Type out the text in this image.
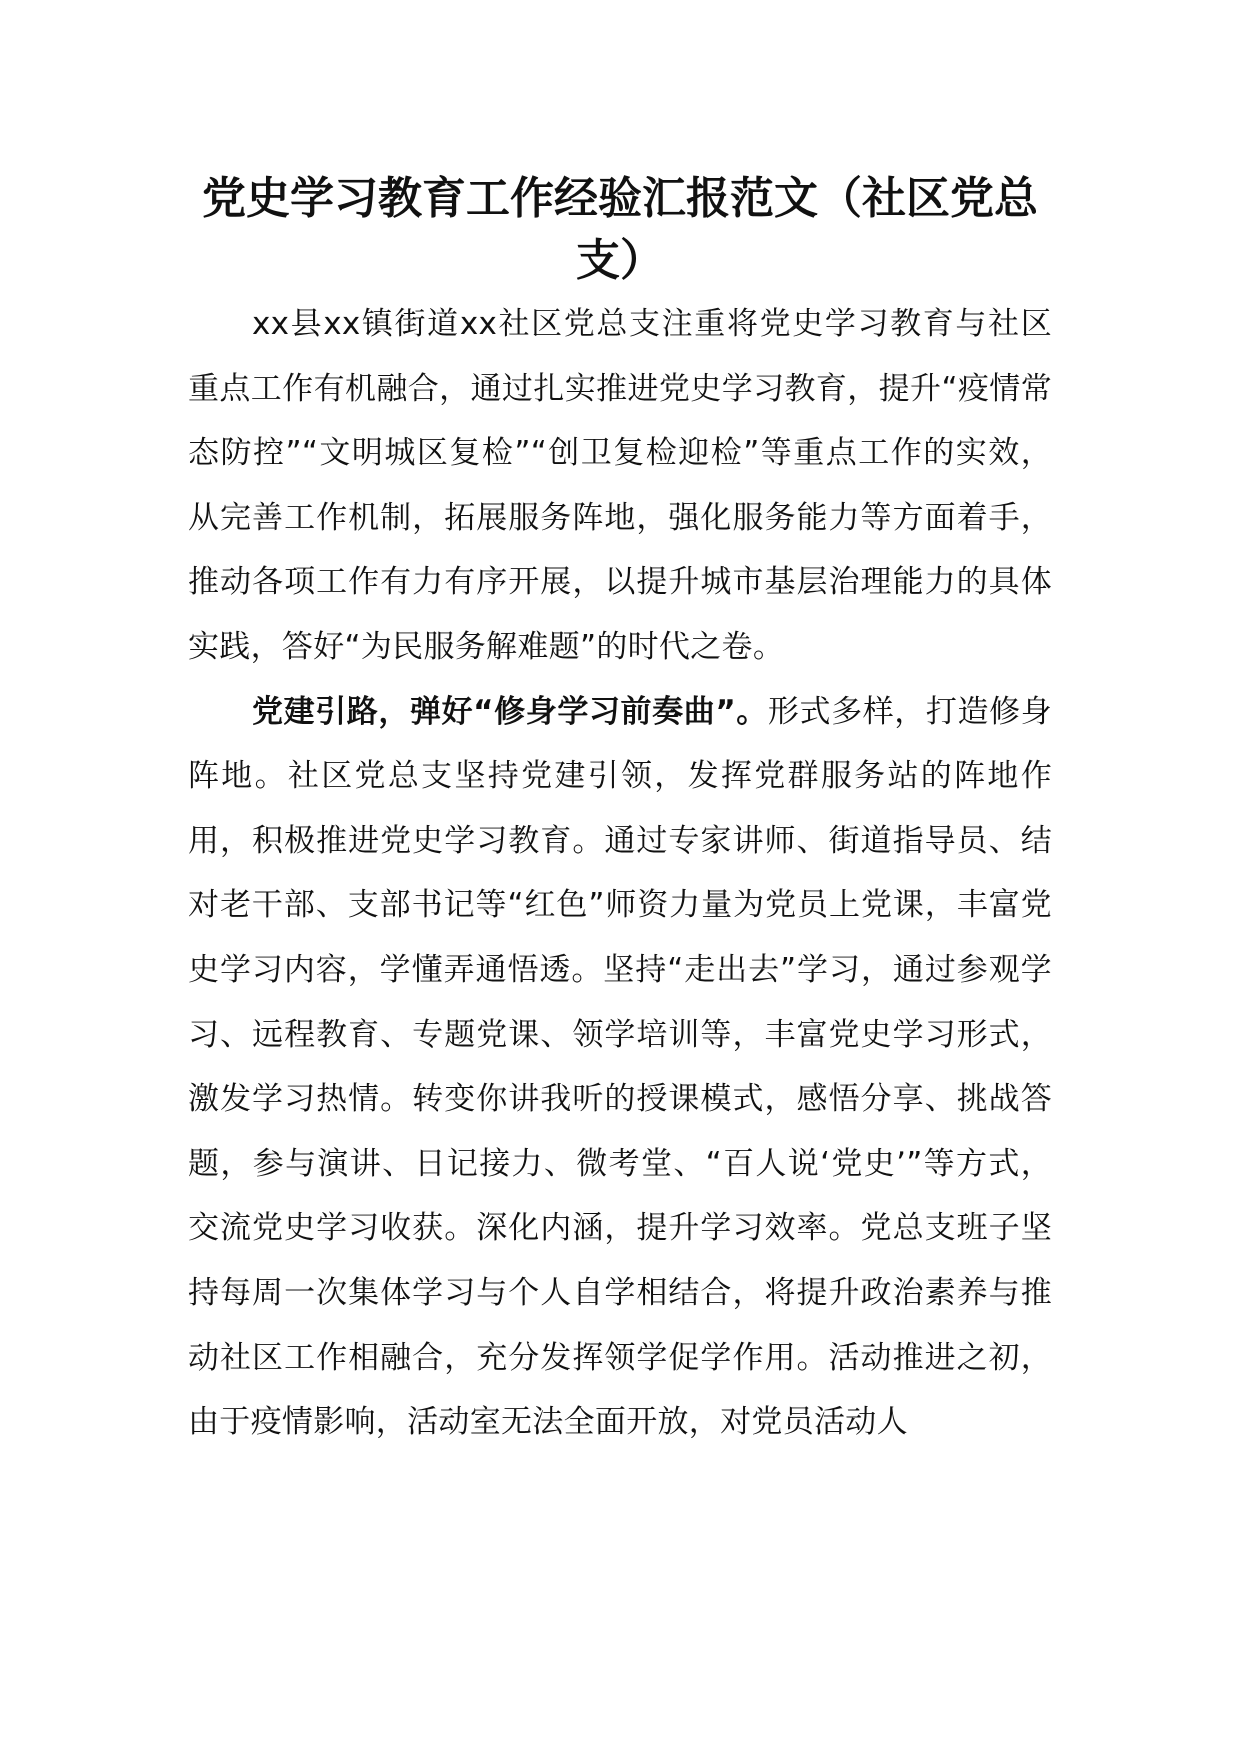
党史学习教育工作经验汇报范文（社区党总支）

xx县xx镇街道xx社区党总支注重将党史学习教育与社区重点工作有机融合，通过扎实推进党史学习教育，提升“疫情常态防控”“文明城区复检”“创卫复检迎检”等重点工作的实效，从完善工作机制，拓展服务阵地，强化服务能力等方面着手，推动各项工作有力有序开展，以提升城市基层治理能力的具体实践，答好“为民服务解难题”的时代之卷。

党建引路，弹好“修身学习前奏曲”。形式多样，打造修身阵地。社区党总支坚持党建引领，发挥党群服务站的阵地作用，积极推进党史学习教育。通过专家讲师、街道指导员、结对老干部、支部书记等“红色”师资力量为党员上党课，丰富党史学习内容，学懂弄通悟透。坚持“走出去”学习，通过参观学习、远程教育、专题党课、领学培训等，丰富党史学习形式，激发学习热情。转变你讲我听的授课模式，感悟分享、挑战答题，参与演讲、日记接力、微考堂、“百人说‘党史’”等方式，交流党史学习收获。深化内涵，提升学习效率。党总支班子坚持每周一次集体学习与个人自学相结合，将提升政治素养与推动社区工作相融合，充分发挥领学促学作用。活动推进之初，由于疫情影响，活动室无法全面开放，对党员活动人
